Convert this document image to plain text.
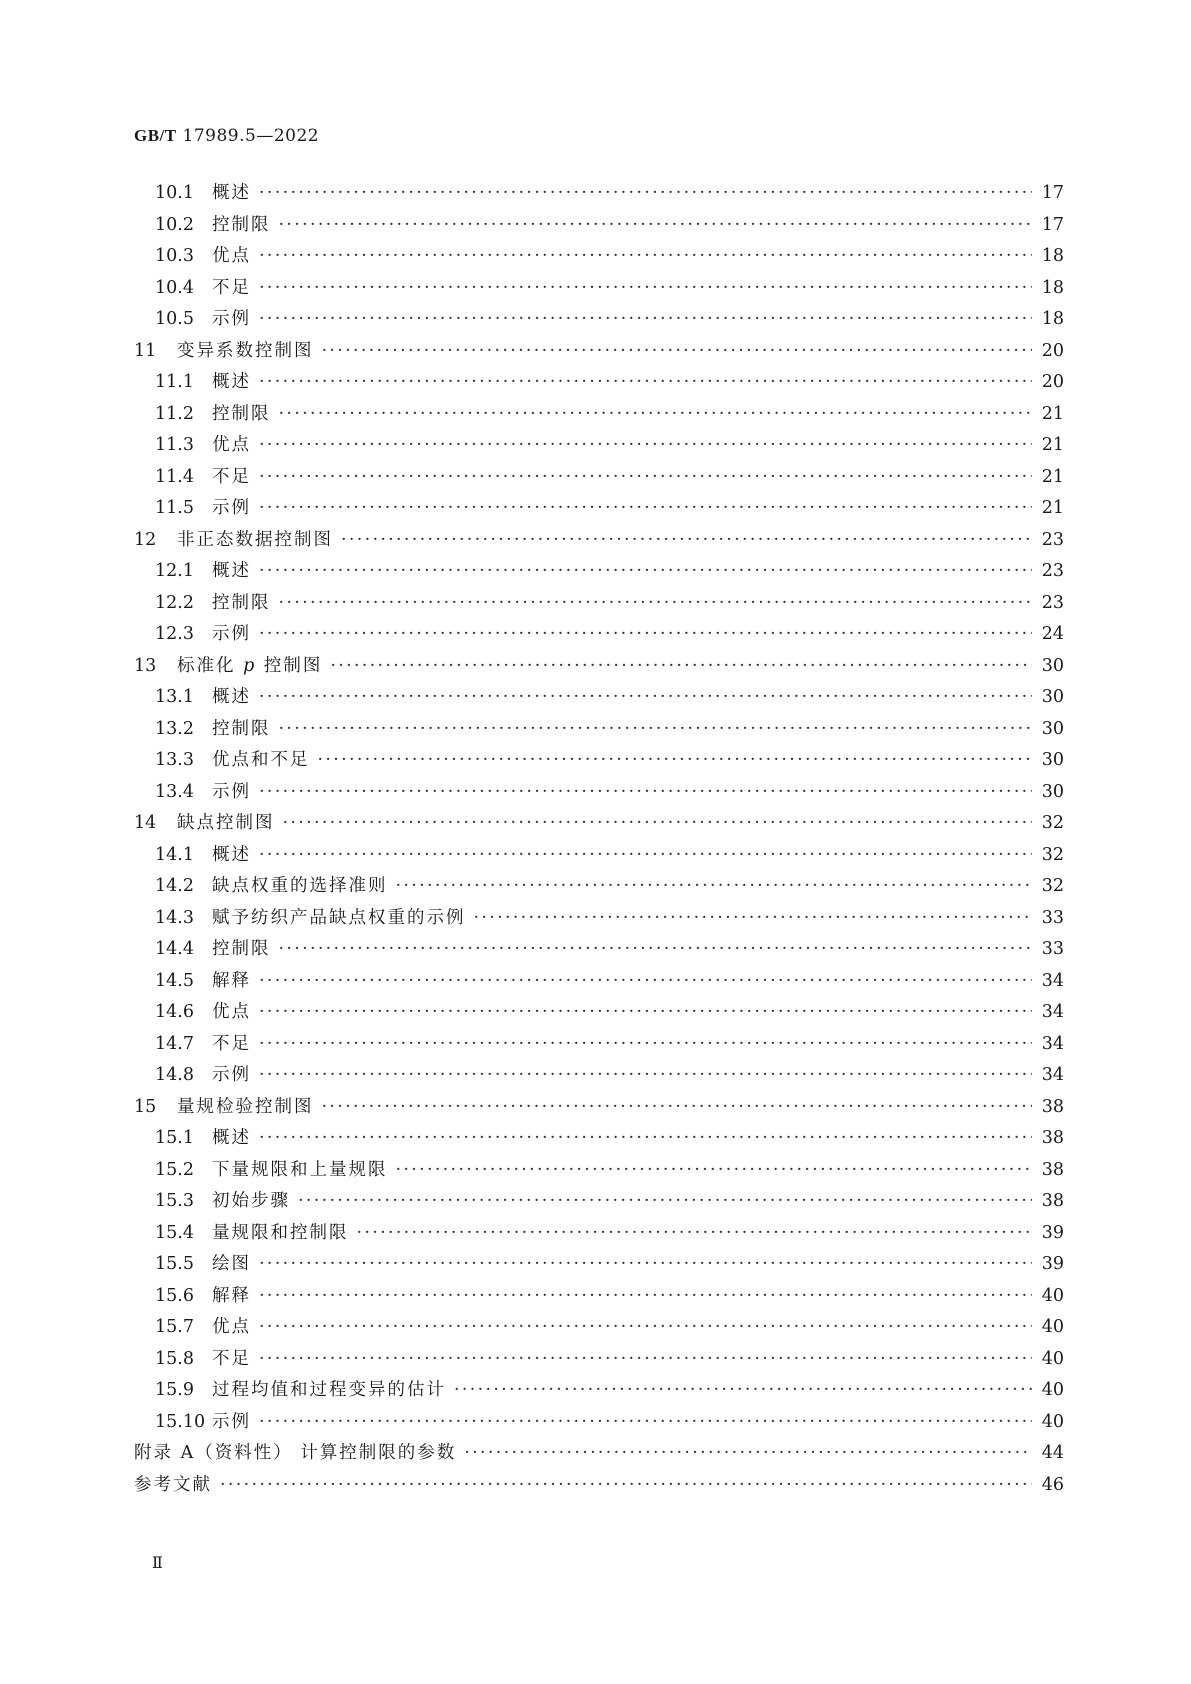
GB/T 17989.5—2022
10.1	概述 ·····	17
10.2	控制限 ·····	17
10.3	优点 ·····	18
10.4	不足 ·····	18
10.5	示例 ·····	18
11	变异系数控制图 ·····	20
11.1	概述 ·····	20
11.2	控制限 ·····	21
11.3	优点 ·····	21
11.4	不足 ·····	21
11.5	示例 ·····	21
12	非正态数据控制图 ·····	23
12.1	概述 ·····	23
12.2	控制限 ·····	23
12.3	示例 ·····	24
13	标准化 p 控制图 ·····	30
13.1	概述 ·····	30
13.2	控制限 ·····	30
13.3	优点和不足 ·····	30
13.4	示例 ·····	30
14	缺点控制图 ·····	32
14.1	概述 ·····	32
14.2	缺点权重的选择准则 ·····	32
14.3	赋予纺织产品缺点权重的示例 ·····	33
14.4	控制限 ·····	33
14.5	解释 ·····	34
14.6	优点 ·····	34
14.7	不足 ·····	34
14.8	示例 ·····	34
15	量规检验控制图 ·····	38
15.1	概述 ·····	38
15.2	下量规限和上量规限 ·····	38
15.3	初始步骤 ·····	38
15.4	量规限和控制限 ·····	39
15.5	绘图 ·····	39
15.6	解释 ·····	40
15.7	优点 ·····	40
15.8	不足 ·····	40
15.9	过程均值和过程变异的估计 ·····	40
15.10 示例 ·····	40
附录 A（资料性） 计算控制限的参数 ·····	44
参考文献 ·····	46
Ⅱ
